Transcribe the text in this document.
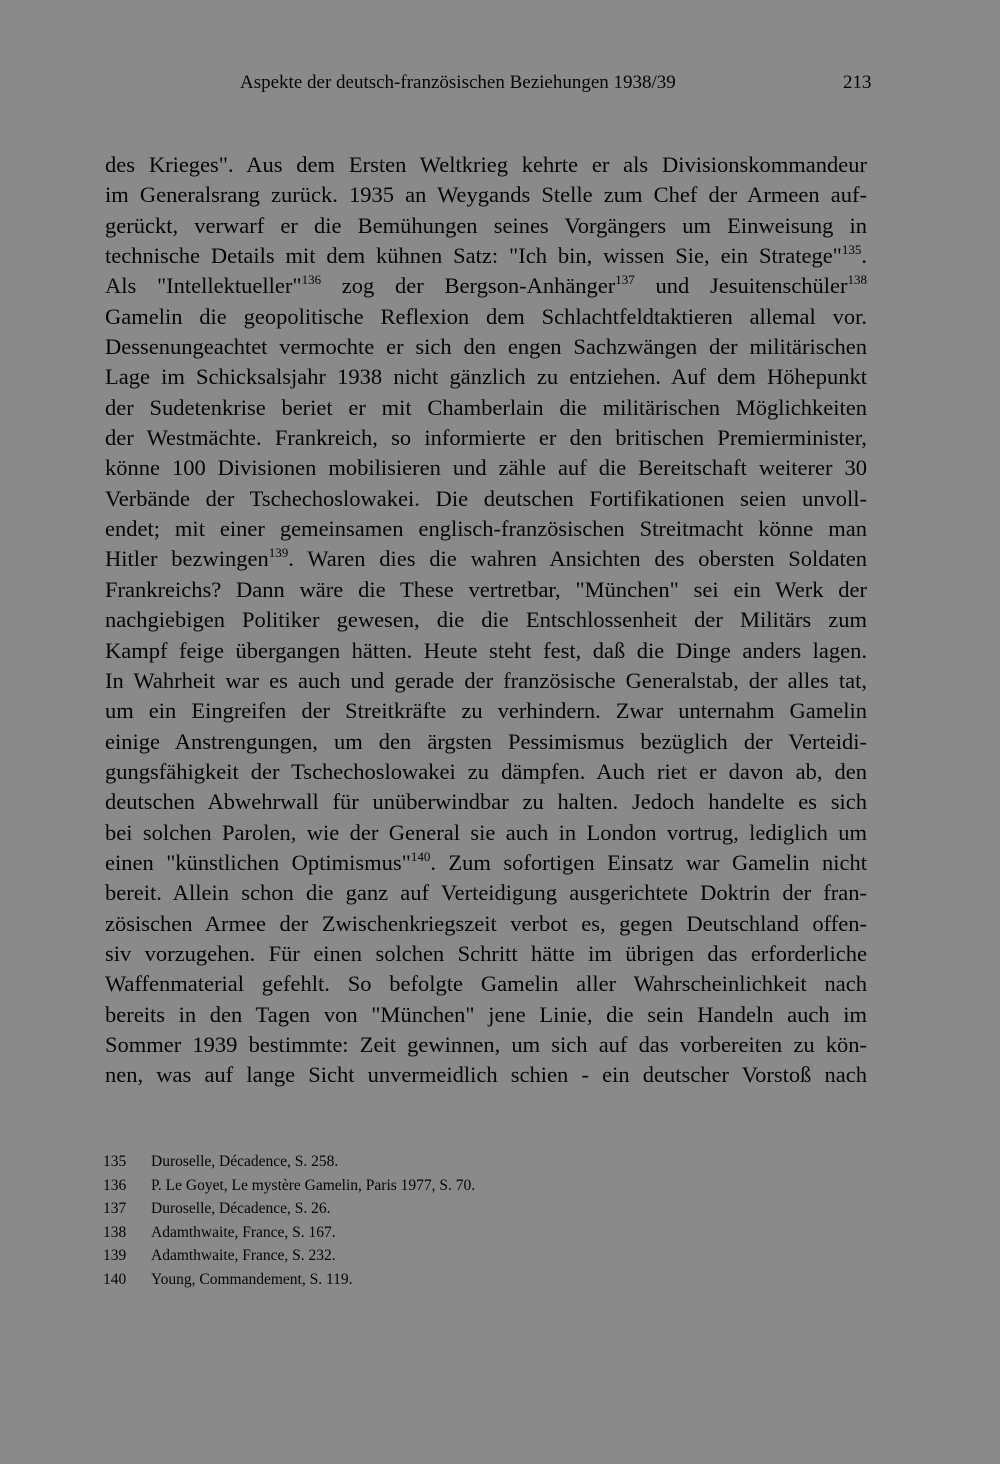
Aspekte der deutsch-französischen Beziehungen 1938/39	213
des Krieges". Aus dem Ersten Weltkrieg kehrte er als Divisionskommandeur
im Generalsrang zurück. 1935 an Weygands Stelle zum Chef der Armeen auf-
gerückt, verwarf er die Bemühungen seines Vorgängers um Einweisung in
technische Details mit dem kühnen Satz: "Ich bin, wissen Sie, ein Stratege"$^{135}$.
Als "Intellektueller"$^{136}$ zog der Bergson-Anhänger$^{137}$ und Jesuitenschüler$^{138}$
Gamelin die geopolitische Reflexion dem Schlachtfeldtaktieren allemal vor.
Dessenungeachtet vermochte er sich den engen Sachzwängen der militärischen
Lage im Schicksalsjahr 1938 nicht gänzlich zu entziehen. Auf dem Höhepunkt
der Sudetenkrise beriet er mit Chamberlain die militärischen Möglichkeiten
der Westmächte. Frankreich, so informierte er den britischen Premierminister,
könne 100 Divisionen mobilisieren und zähle auf die Bereitschaft weiterer 30
Verbände der Tschechoslowakei. Die deutschen Fortifikationen seien unvoll-
endet; mit einer gemeinsamen englisch-französischen Streitmacht könne man
Hitler bezwingen$^{139}$. Waren dies die wahren Ansichten des obersten Soldaten
Frankreichs? Dann wäre die These vertretbar, "München" sei ein Werk der
nachgiebigen Politiker gewesen, die die Entschlossenheit der Militärs zum
Kampf feige übergangen hätten. Heute steht fest, daß die Dinge anders lagen.
In Wahrheit war es auch und gerade der französische Generalstab, der alles tat,
um ein Eingreifen der Streitkräfte zu verhindern. Zwar unternahm Gamelin
einige Anstrengungen, um den ärgsten Pessimismus bezüglich der Verteidi-
gungsfähigkeit der Tschechoslowakei zu dämpfen. Auch riet er davon ab, den
deutschen Abwehrwall für unüberwindbar zu halten. Jedoch handelte es sich
bei solchen Parolen, wie der General sie auch in London vortrug, lediglich um
einen "künstlichen Optimismus"$^{140}$. Zum sofortigen Einsatz war Gamelin nicht
bereit. Allein schon die ganz auf Verteidigung ausgerichtete Doktrin der fran-
zösischen Armee der Zwischenkriegszeit verbot es, gegen Deutschland offen-
siv vorzugehen. Für einen solchen Schritt hätte im übrigen das erforderliche
Waffenmaterial gefehlt. So befolgte Gamelin aller Wahrscheinlichkeit nach
bereits in den Tagen von "München" jene Linie, die sein Handeln auch im
Sommer 1939 bestimmte: Zeit gewinnen, um sich auf das vorbereiten zu kön-
nen, was auf lange Sicht unvermeidlich schien - ein deutscher Vorstoß nach
135 Duroselle, Décadence, S. 258.
136 P. Le Goyet, Le mystère Gamelin, Paris 1977, S. 70.
137 Duroselle, Décadence, S. 26.
138 Adamthwaite, France, S. 167.
139 Adamthwaite, France, S. 232.
140 Young, Commandement, S. 119.
